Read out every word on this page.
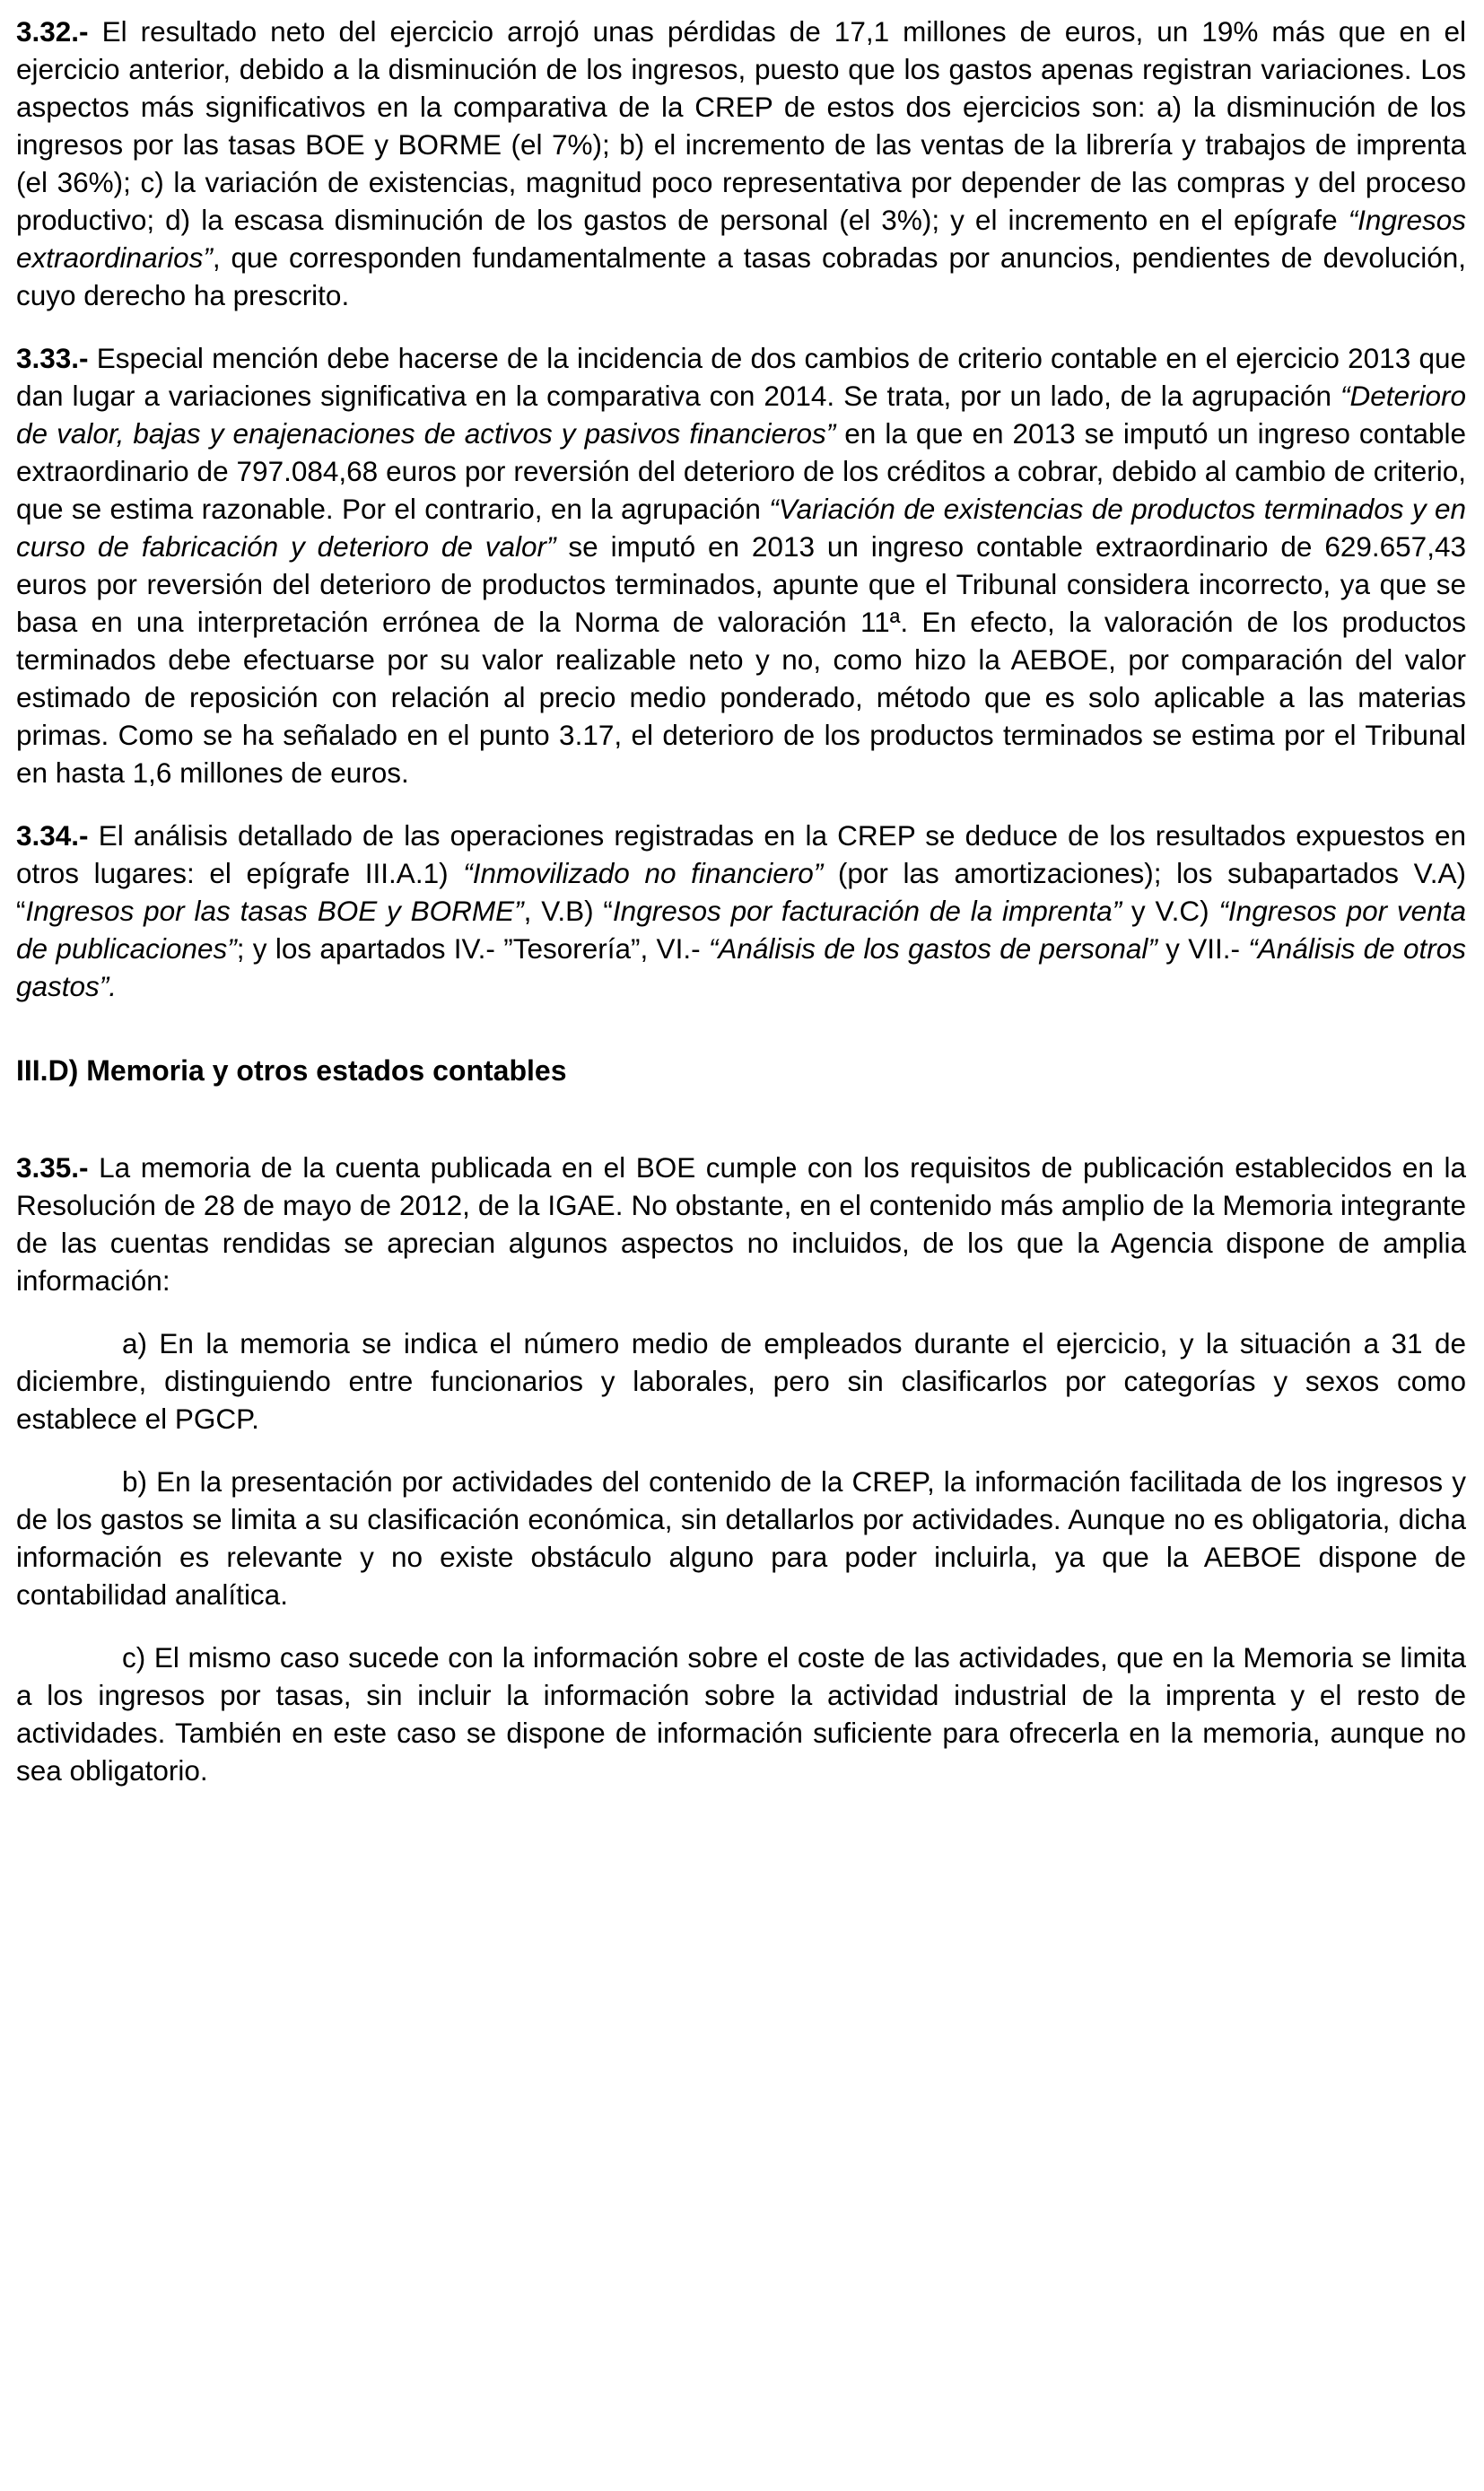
3.32.- El resultado neto del ejercicio arrojó unas pérdidas de 17,1 millones de euros, un 19% más que en el ejercicio anterior, debido a la disminución de los ingresos, puesto que los gastos apenas registran variaciones. Los aspectos más significativos en la comparativa de la CREP de estos dos ejercicios son: a) la disminución de los ingresos por las tasas BOE y BORME (el 7%); b) el incremento de las ventas de la librería y trabajos de imprenta (el 36%); c) la variación de existencias, magnitud poco representativa por depender de las compras y del proceso productivo; d) la escasa disminución de los gastos de personal (el 3%); y el incremento en el epígrafe “Ingresos extraordinarios”, que corresponden fundamentalmente a tasas cobradas por anuncios, pendientes de devolución, cuyo derecho ha prescrito.

3.33.- Especial mención debe hacerse de la incidencia de dos cambios de criterio contable en el ejercicio 2013 que dan lugar a variaciones significativa en la comparativa con 2014. Se trata, por un lado, de la agrupación “Deterioro de valor, bajas y enajenaciones de activos y pasivos financieros” en la que en 2013 se imputó un ingreso contable extraordinario de 797.084,68 euros por reversión del deterioro de los créditos a cobrar, debido al cambio de criterio, que se estima razonable. Por el contrario, en la agrupación “Variación de existencias de productos terminados y en curso de fabricación y deterioro de valor” se imputó en 2013 un ingreso contable extraordinario de 629.657,43 euros por reversión del deterioro de productos terminados, apunte que el Tribunal considera incorrecto, ya que se basa en una interpretación errónea de la Norma de valoración 11ª. En efecto, la valoración de los productos terminados debe efectuarse por su valor realizable neto y no, como hizo la AEBOE, por comparación del valor estimado de reposición con relación al precio medio ponderado, método que es solo aplicable a las materias primas. Como se ha señalado en el punto 3.17, el deterioro de los productos terminados se estima por el Tribunal en hasta 1,6 millones de euros.

3.34.- El análisis detallado de las operaciones registradas en la CREP se deduce de los resultados expuestos en otros lugares: el epígrafe III.A.1) “Inmovilizado no financiero” (por las amortizaciones); los subapartados V.A) “Ingresos por las tasas BOE y BORME”, V.B) “Ingresos por facturación de la imprenta” y V.C) “Ingresos por venta de publicaciones”; y los apartados IV.- ”Tesorería”, VI.- “Análisis de los gastos de personal” y VII.- “Análisis de otros gastos”.

III.D) Memoria y otros estados contables

3.35.- La memoria de la cuenta publicada en el BOE cumple con los requisitos de publicación establecidos en la Resolución de 28 de mayo de 2012, de la IGAE. No obstante, en el contenido más amplio de la Memoria integrante de las cuentas rendidas se aprecian algunos aspectos no incluidos, de los que la Agencia dispone de amplia información:

a) En la memoria se indica el número medio de empleados durante el ejercicio, y la situación a 31 de diciembre, distinguiendo entre funcionarios y laborales, pero sin clasificarlos por categorías y sexos como establece el PGCP.

b) En la presentación por actividades del contenido de la CREP, la información facilitada de los ingresos y de los gastos se limita a su clasificación económica, sin detallarlos por actividades. Aunque no es obligatoria, dicha información es relevante y no existe obstáculo alguno para poder incluirla, ya que la AEBOE dispone de contabilidad analítica.

c) El mismo caso sucede con la información sobre el coste de las actividades, que en la Memoria se limita a los ingresos por tasas, sin incluir la información sobre la actividad industrial de la imprenta y el resto de actividades. También en este caso se dispone de información suficiente para ofrecerla en la memoria, aunque no sea obligatorio.
